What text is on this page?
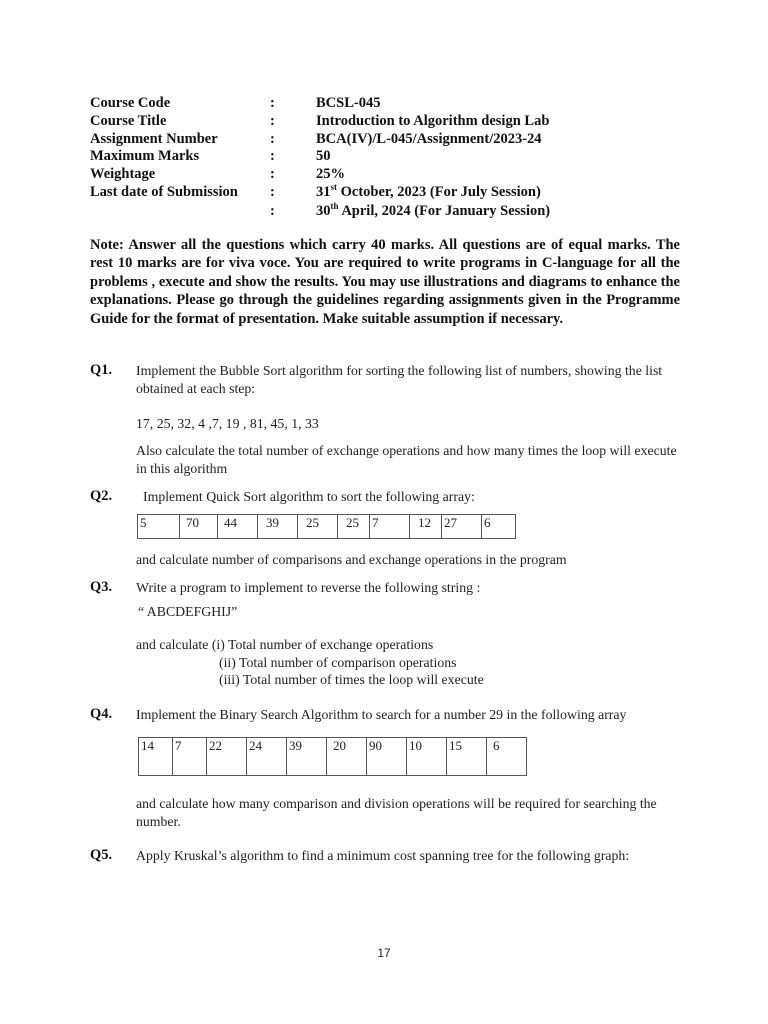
Course Code	:	BCSL-045
Course Title	:	Introduction to Algorithm design Lab
Assignment Number	:	BCA(IV)/L-045/Assignment/2023-24
Maximum Marks	:	50
Weightage	:	25%
Last date of Submission :	31st October, 2023 (For July Session)
:	30th April, 2024 (For January Session)
Note: Answer all the questions which carry 40 marks. All questions are of equal marks. The rest 10 marks are for viva voce. You are required to write programs in C-language for all the problems , execute and show the results. You may use illustrations and diagrams to enhance the explanations. Please go through the guidelines regarding assignments given in the Programme Guide for the format of presentation. Make suitable assumption if necessary.
Q1. Implement the Bubble Sort algorithm for sorting the following list of numbers, showing the list obtained at each step:
17, 25, 32, 4 ,7, 19 , 81, 45, 1, 33
Also calculate the total number of exchange operations and how many times the loop will execute in this algorithm
Q2. Implement Quick Sort algorithm to sort the following array:
5	70	44	39	25	25	7	12	27	6
and calculate number of comparisons and exchange operations in the program
Q3. Write a program to implement to reverse the following string :
“ ABCDEFGHIJ”
and calculate (i) Total number of exchange operations
(ii) Total number of comparison operations
(iii) Total number of times the loop will execute
Q4. Implement the Binary Search Algorithm to search for a number 29 in the following array
14	7	22	24	39	20	90	10	15	6
and calculate how many comparison and division operations will be required for searching the number.
Q5. Apply Kruskal’s algorithm to find a minimum cost spanning tree for the following graph:
17
